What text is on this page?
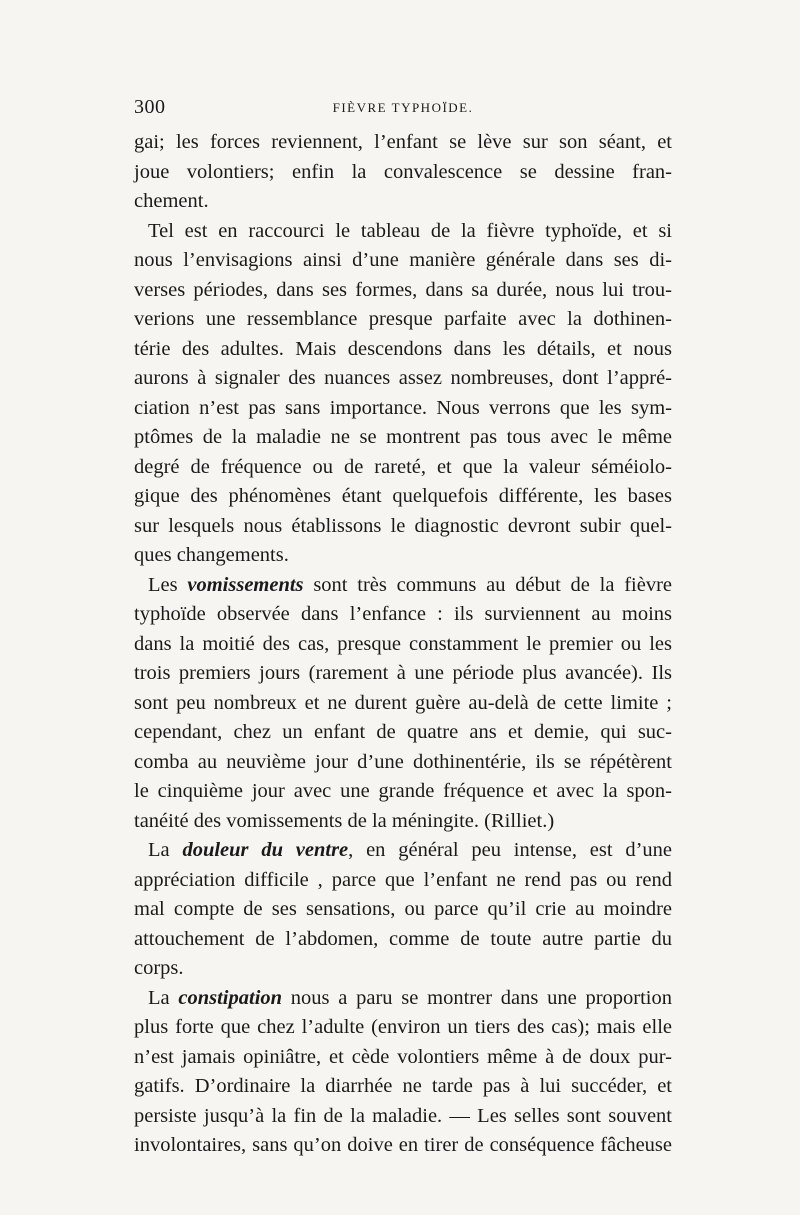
300	FIÈVRE TYPHOÏDE.
gai; les forces reviennent, l’enfant se lève sur son séant, et
joue volontiers; enfin la convalescence se dessine fran-
chement.
Tel est en raccourci le tableau de la fièvre typhoïde, et si
nous l’envisagions ainsi d’une manière générale dans ses di-
verses périodes, dans ses formes, dans sa durée, nous lui trou-
verions une ressemblance presque parfaite avec la dothinen-
térie des adultes. Mais descendons dans les détails, et nous
aurons à signaler des nuances assez nombreuses, dont l’appré-
ciation n’est pas sans importance. Nous verrons que les sym-
ptômes de la maladie ne se montrent pas tous avec le même
degré de fréquence ou de rareté, et que la valeur séméiolo-
gique des phénomènes étant quelquefois différente, les bases
sur lesquels nous établissons le diagnostic devront subir quel-
ques changements.
Les vomissements sont très communs au début de la fièvre
typhoïde observée dans l’enfance : ils surviennent au moins
dans la moitié des cas, presque constamment le premier ou les
trois premiers jours (rarement à une période plus avancée). Ils
sont peu nombreux et ne durent guère au-delà de cette limite ;
cependant, chez un enfant de quatre ans et demie, qui suc-
comba au neuvième jour d’une dothinentérie, ils se répétèrent
le cinquième jour avec une grande fréquence et avec la spon-
tanéité des vomissements de la méningite. (Rilliet.)
La douleur du ventre, en général peu intense, est d’une
appréciation difficile , parce que l’enfant ne rend pas ou rend
mal compte de ses sensations, ou parce qu’il crie au moindre
attouchement de l’abdomen, comme de toute autre partie du
corps.
La constipation nous a paru se montrer dans une proportion
plus forte que chez l’adulte (environ un tiers des cas); mais elle
n’est jamais opiniâtre, et cède volontiers même à de doux pur-
gatifs. D’ordinaire la diarrhée ne tarde pas à lui succéder, et
persiste jusqu’à la fin de la maladie. — Les selles sont souvent
involontaires, sans qu’on doive en tirer de conséquence fâcheuse
